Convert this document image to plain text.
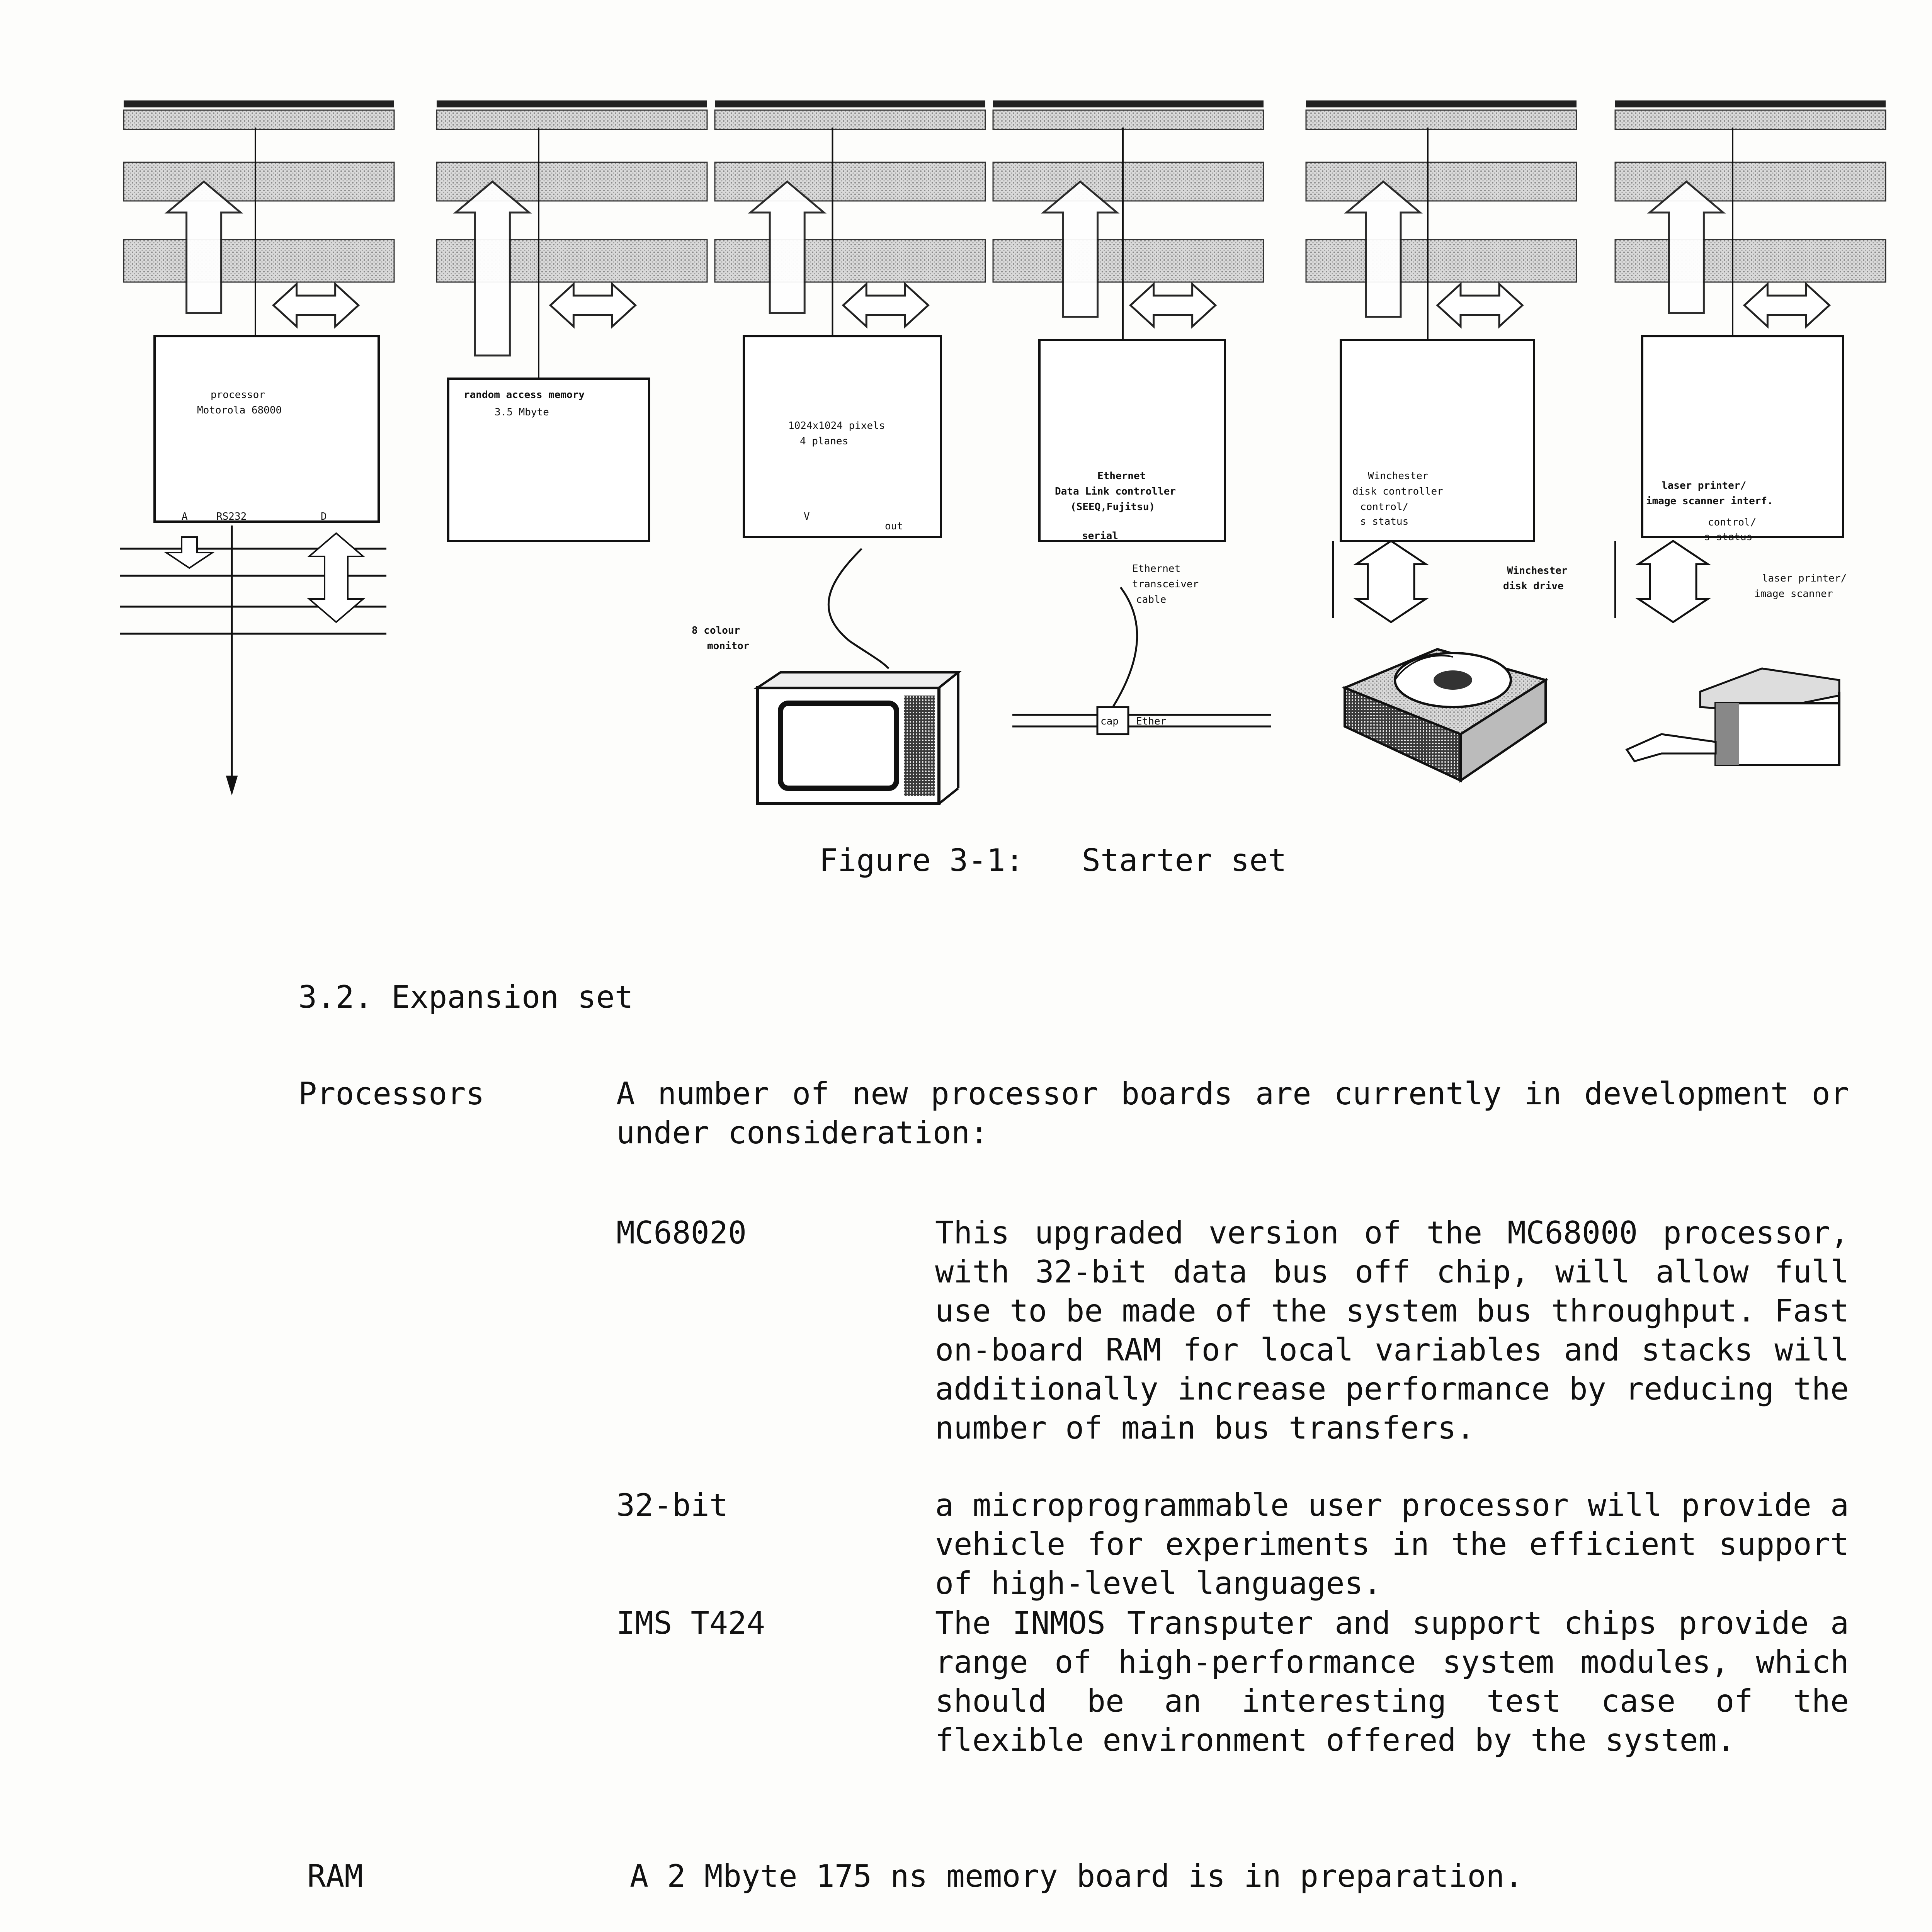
processor
Motorola 68000
A	RS232	D
random access memory
3.5 Mbyte
1024x1024 pixels
4 planes
V
out
Ethernet
Data Link controller
(SEEQ,Fujitsu)
serial
Winchester
disk controller
control/
s status
laser printer/
image scanner interf.
control/
s status
8 colour
monitor
Ethernet
transceiver
cable
cap Ether
Winchester
disk drive
laser printer/
image scanner
Figure 3-1: Starter set

3.2. Expansion set

Processors	A number of new processor boards are currently in development or under consideration:

MC68020	This upgraded version of the MC68000 processor, with 32-bit data bus off chip, will allow full use to be made of the system bus throughput. Fast on-board RAM for local variables and stacks will additionally increase performance by reducing the number of main bus transfers.

32-bit	a microprogrammable user processor will provide a vehicle for experiments in the efficient support of high-level languages.

IMS T424	The INMOS Transputer and support chips provide a range of high-performance system modules, which should be an interesting test case of the flexible environment offered by the system.

RAM	A 2 Mbyte 175 ns memory board is in preparation.
